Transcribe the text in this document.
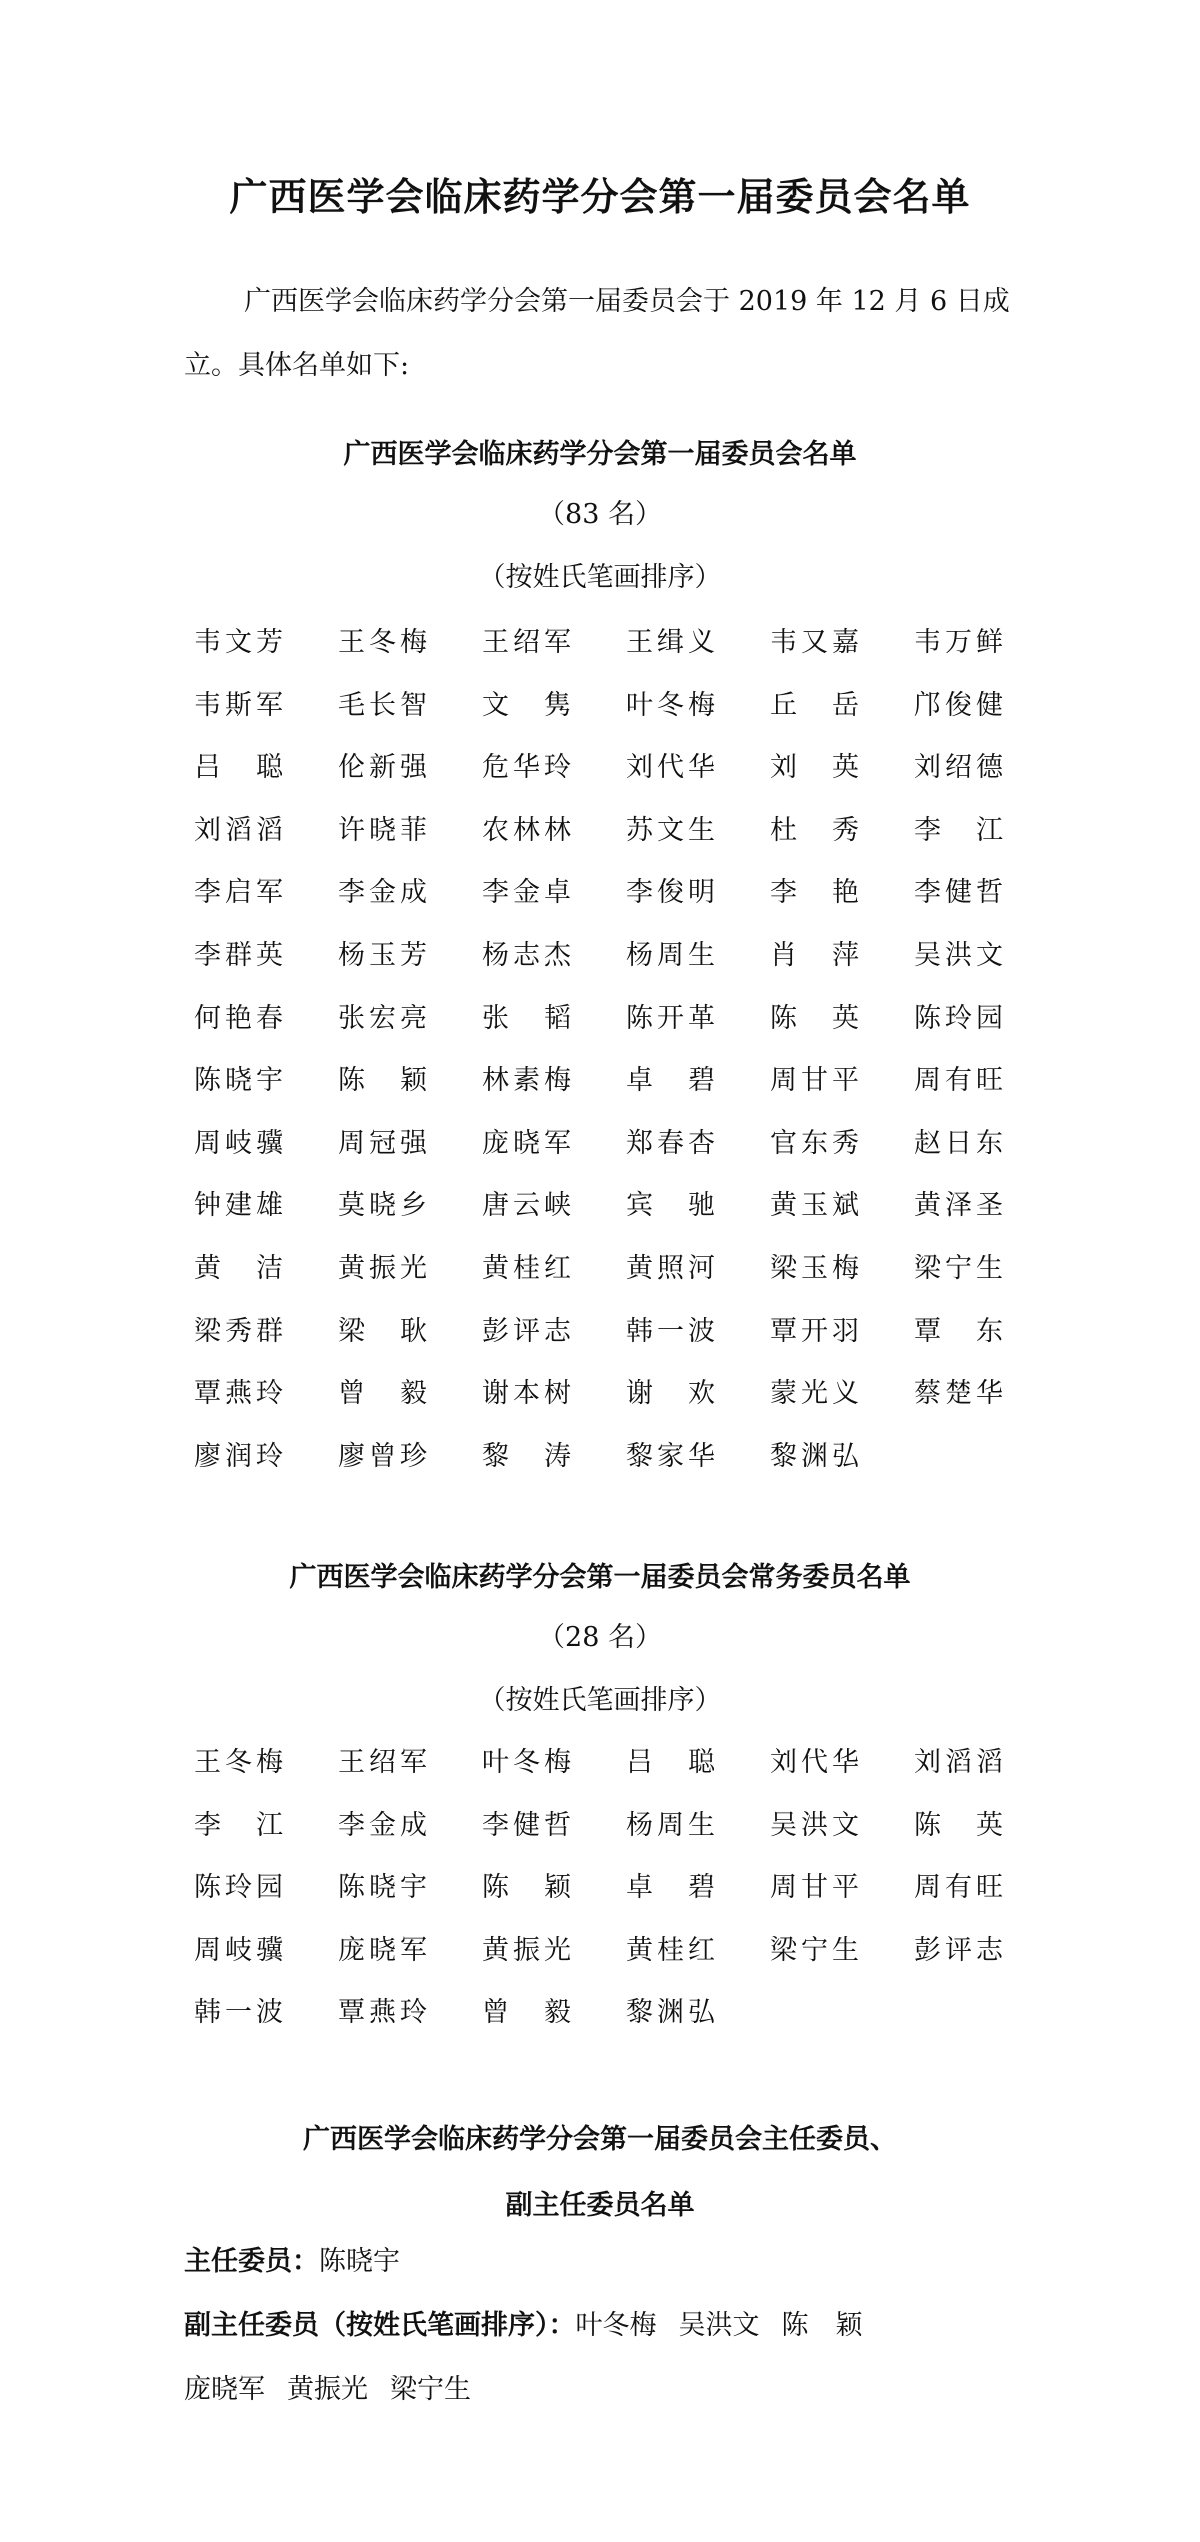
广西医学会临床药学分会第一届委员会名单
广西医学会临床药学分会第一届委员会于 2019 年 12 月 6 日成立。具体名单如下:
广西医学会临床药学分会第一届委员会名单
（83 名）
（按姓氏笔画排序）
韦文芳	王冬梅	王绍军	王缉义	韦又嘉	韦万鲜
韦斯军	毛长智	文　隽	叶冬梅	丘　岳	邝俊健
吕　聪	伦新强	危华玲	刘代华	刘　英	刘绍德
刘滔滔	许晓菲	农林林	苏文生	杜　秀	李　江
李启军	李金成	李金卓	李俊明	李　艳	李健哲
李群英	杨玉芳	杨志杰	杨周生	肖　萍	吴洪文
何艳春	张宏亮	张　韬	陈开革	陈　英	陈玲园
陈晓宇	陈　颖	林素梅	卓　碧	周甘平	周有旺
周岐骥	周冠强	庞晓军	郑春杏	官东秀	赵日东
钟建雄	莫晓乡	唐云峡	宾　驰	黄玉斌	黄泽圣
黄　洁	黄振光	黄桂红	黄照河	梁玉梅	梁宁生
梁秀群	梁　耿	彭评志	韩一波	覃开羽	覃　东
覃燕玲	曾　毅	谢本树	谢　欢	蒙光义	蔡楚华
廖润玲	廖曾珍	黎　涛	黎家华	黎渊弘
广西医学会临床药学分会第一届委员会常务委员名单
（28 名）
（按姓氏笔画排序）
王冬梅	王绍军	叶冬梅	吕　聪	刘代华	刘滔滔
李　江	李金成	李健哲	杨周生	吴洪文	陈　英
陈玲园	陈晓宇	陈　颖	卓　碧	周甘平	周有旺
周岐骥	庞晓军	黄振光	黄桂红	梁宁生	彭评志
韩一波	覃燕玲	曾　毅	黎渊弘
广西医学会临床药学分会第一届委员会主任委员、
副主任委员名单
主任委员：陈晓宇
副主任委员（按姓氏笔画排序）：叶冬梅 吴洪文 陈　颖
庞晓军 黄振光 梁宁生
